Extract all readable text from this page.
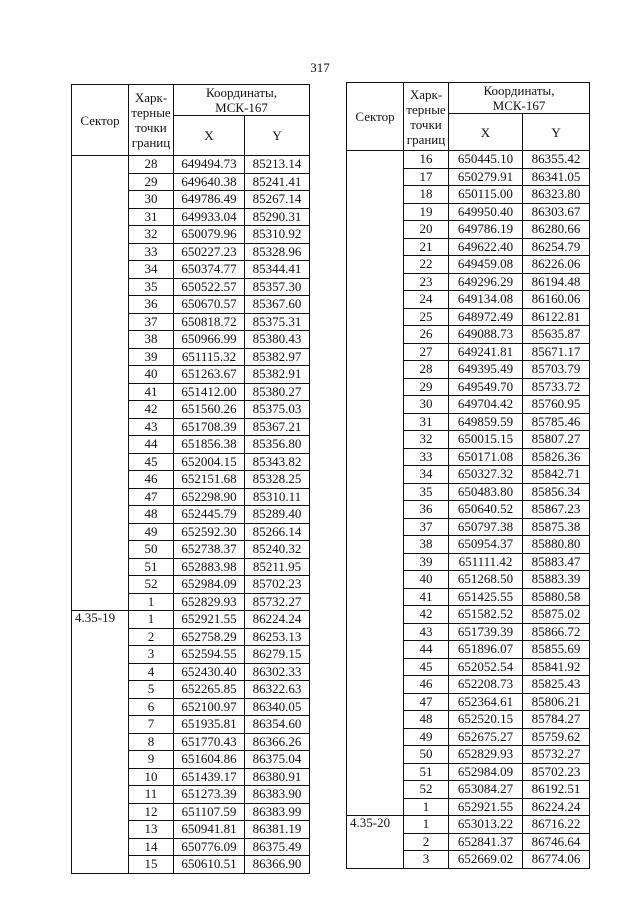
317
Сектор	Харк-
терные
точки
границ	Координаты,
МСК-167	
		X	Y
	28	649494.73	85213.14
	29	649640.38	85241.41
	30	649786.49	85267.14
	31	649933.04	85290.31
	32	650079.96	85310.92
	33	650227.23	85328.96
	34	650374.77	85344.41
	35	650522.57	85357.30
	36	650670.57	85367.60
	37	650818.72	85375.31
	38	650966.99	85380.43
	39	651115.32	85382.97
	40	651263.67	85382.91
	41	651412.00	85380.27
	42	651560.26	85375.03
	43	651708.39	85367.21
	44	651856.38	85356.80
	45	652004.15	85343.82
	46	652151.68	85328.25
	47	652298.90	85310.11
	48	652445.79	85289.40
	49	652592.30	85266.14
	50	652738.37	85240.32
	51	652883.98	85211.95
	52	652984.09	85702.23
	1	652829.93	85732.27
4.35-19	1	652921.55	86224.24
	2	652758.29	86253.13
	3	652594.55	86279.15
	4	652430.40	86302.33
	5	652265.85	86322.63
	6	652100.97	86340.05
	7	651935.81	86354.60
	8	651770.43	86366.26
	9	651604.86	86375.04
	10	651439.17	86380.91
	11	651273.39	86383.90
	12	651107.59	86383.99
	13	650941.81	86381.19
	14	650776.09	86375.49
	15	650610.51	86366.90
Сектор	Харк-
терные
точки
границ	Координаты,
МСК-167	
		X	Y
	16	650445.10	86355.42
	17	650279.91	86341.05
	18	650115.00	86323.80
	19	649950.40	86303.67
	20	649786.19	86280.66
	21	649622.40	86254.79
	22	649459.08	86226.06
	23	649296.29	86194.48
	24	649134.08	86160.06
	25	648972.49	86122.81
	26	649088.73	85635.87
	27	649241.81	85671.17
	28	649395.49	85703.79
	29	649549.70	85733.72
	30	649704.42	85760.95
	31	649859.59	85785.46
	32	650015.15	85807.27
	33	650171.08	85826.36
	34	650327.32	85842.71
	35	650483.80	85856.34
	36	650640.52	85867.23
	37	650797.38	85875.38
	38	650954.37	85880.80
	39	651111.42	85883.47
	40	651268.50	85883.39
	41	651425.55	85880.58
	42	651582.52	85875.02
	43	651739.39	85866.72
	44	651896.07	85855.69
	45	652052.54	85841.92
	46	652208.73	85825.43
	47	652364.61	85806.21
	48	652520.15	85784.27
	49	652675.27	85759.62
	50	652829.93	85732.27
	51	652984.09	85702.23
	52	653084.27	86192.51
	1	652921.55	86224.24
4.35-20	1	653013.22	86716.22
	2	652841.37	86746.64
	3	652669.02	86774.06
